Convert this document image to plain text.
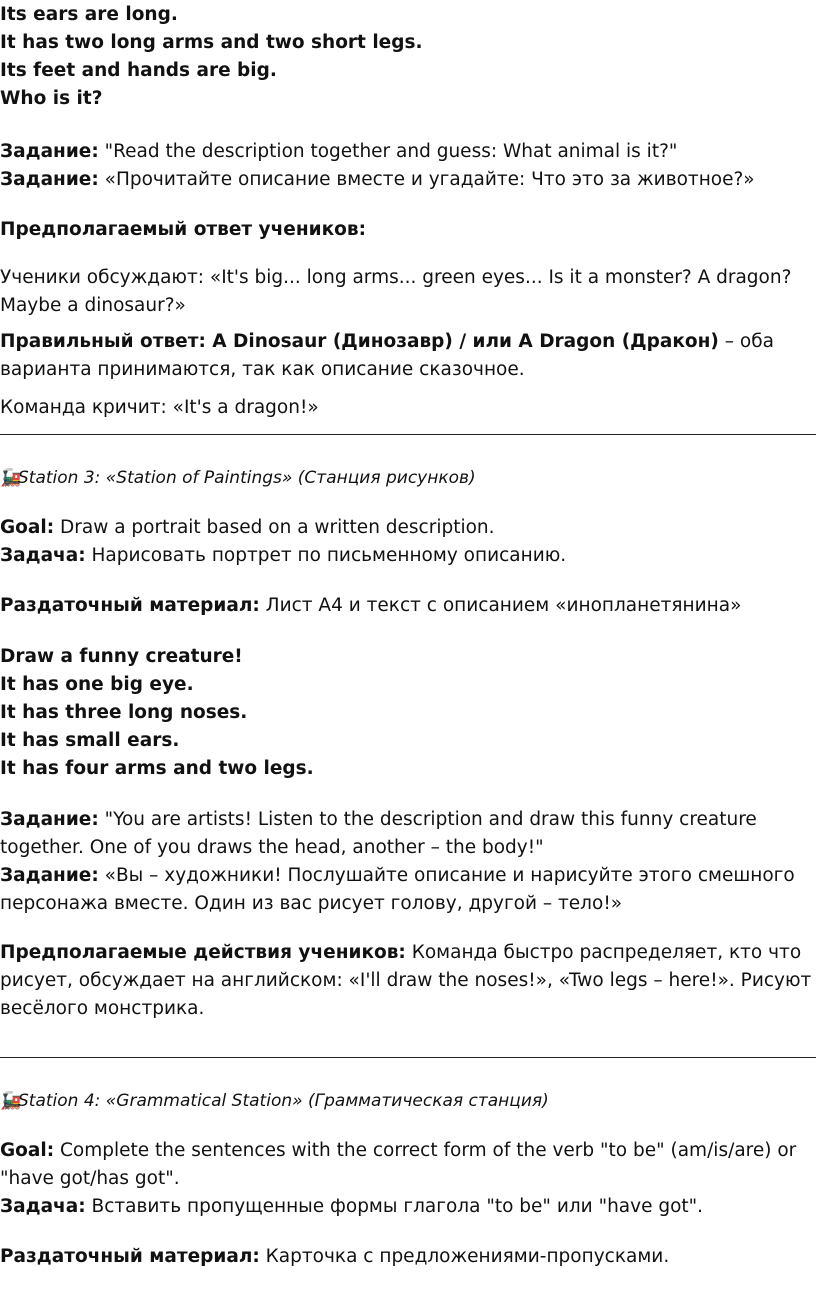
Its ears are long.
It has two long arms and two short legs.
Its feet and hands are big.
Who is it?
Задание: "Read the description together and guess: What animal is it?"
Задание: «Прочитайте описание вместе и угадайте: Что это за животное?»
Предполагаемый ответ учеников:
Ученики обсуждают: «It's big... long arms... green eyes... Is it a monster? A dragon?
Maybe a dinosaur?»
Правильный ответ: A Dinosaur (Динозавр) / или A Dragon (Дракон) – оба
варианта принимаются, так как описание сказочное.
Команда кричит: «It's a dragon!»
🚂Station 3: «Station of Paintings» (Станция рисунков)
Goal: Draw a portrait based on a written description.
Задача: Нарисовать портрет по письменному описанию.
Раздаточный материал: Лист А4 и текст с описанием «инопланетянина»
Draw a funny creature!
It has one big eye.
It has three long noses.
It has small ears.
It has four arms and two legs.
Задание: "You are artists! Listen to the description and draw this funny creature
together. One of you draws the head, another – the body!"
Задание: «Вы – художники! Послушайте описание и нарисуйте этого смешного
персонажа вместе. Один из вас рисует голову, другой – тело!»
Предполагаемые действия учеников: Команда быстро распределяет, кто что
рисует, обсуждает на английском: «I'll draw the noses!», «Two legs – here!». Рисуют
весёлого монстрика.
🚂Station 4: «Grammatical Station» (Грамматическая станция)
Goal: Complete the sentences with the correct form of the verb "to be" (am/is/are) or
"have got/has got".
Задача: Вставить пропущенные формы глагола "to be" или "have got".
Раздаточный материал: Карточка с предложениями-пропусками.
